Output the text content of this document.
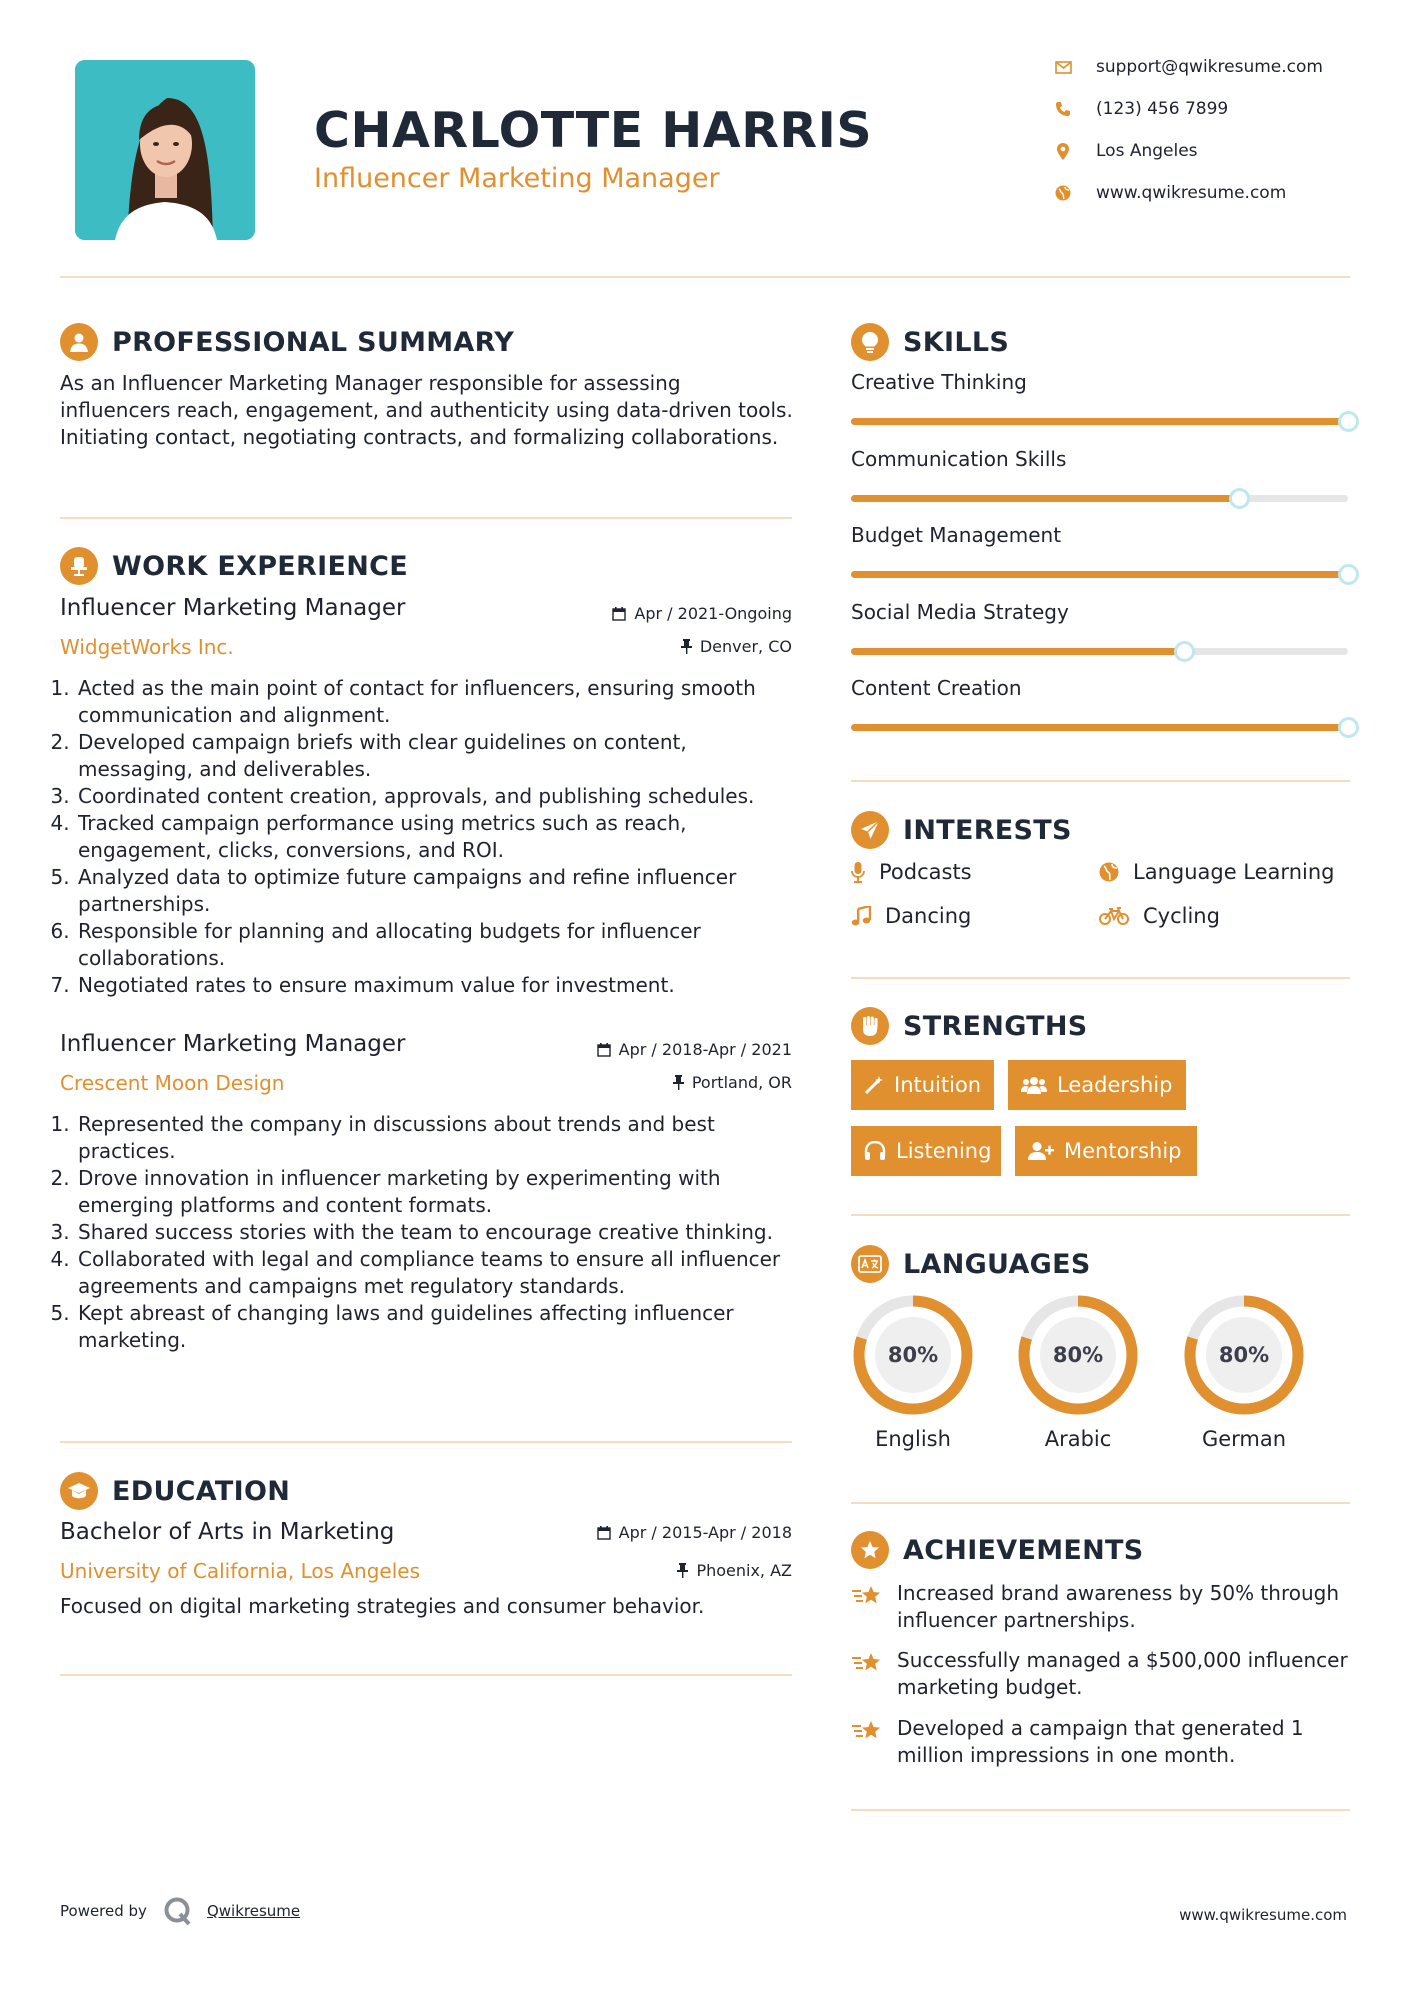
CHARLOTTE HARRIS
Influencer Marketing Manager
support@qwikresume.com
(123) 456 7899
Los Angeles
www.qwikresume.com
PROFESSIONAL SUMMARY
As an Influencer Marketing Manager responsible for assessing influencers reach, engagement, and authenticity using data-driven tools. Initiating contact, negotiating contracts, and formalizing collaborations.
WORK EXPERIENCE
Influencer Marketing Manager	Apr / 2021-Ongoing
WidgetWorks Inc.	Denver, CO
1. Acted as the main point of contact for influencers, ensuring smooth communication and alignment.
2. Developed campaign briefs with clear guidelines on content, messaging, and deliverables.
3. Coordinated content creation, approvals, and publishing schedules.
4. Tracked campaign performance using metrics such as reach, engagement, clicks, conversions, and ROI.
5. Analyzed data to optimize future campaigns and refine influencer partnerships.
6. Responsible for planning and allocating budgets for influencer collaborations.
7. Negotiated rates to ensure maximum value for investment.
Influencer Marketing Manager	Apr / 2018-Apr / 2021
Crescent Moon Design	Portland, OR
1. Represented the company in discussions about trends and best practices.
2. Drove innovation in influencer marketing by experimenting with emerging platforms and content formats.
3. Shared success stories with the team to encourage creative thinking.
4. Collaborated with legal and compliance teams to ensure all influencer agreements and campaigns met regulatory standards.
5. Kept abreast of changing laws and guidelines affecting influencer marketing.
EDUCATION
Bachelor of Arts in Marketing	Apr / 2015-Apr / 2018
University of California, Los Angeles	Phoenix, AZ
Focused on digital marketing strategies and consumer behavior.
SKILLS
Creative Thinking
Communication Skills
Budget Management
Social Media Strategy
Content Creation
INTERESTS
Podcasts	Language Learning
Dancing	Cycling
STRENGTHS
Intuition	Leadership
Listening	Mentorship
LANGUAGES
80%
English
80%
Arabic
80%
German
ACHIEVEMENTS
Increased brand awareness by 50% through influencer partnerships.
Successfully managed a $500,000 influencer marketing budget.
Developed a campaign that generated 1 million impressions in one month.
Powered by	Qwikresume	www.qwikresume.com
